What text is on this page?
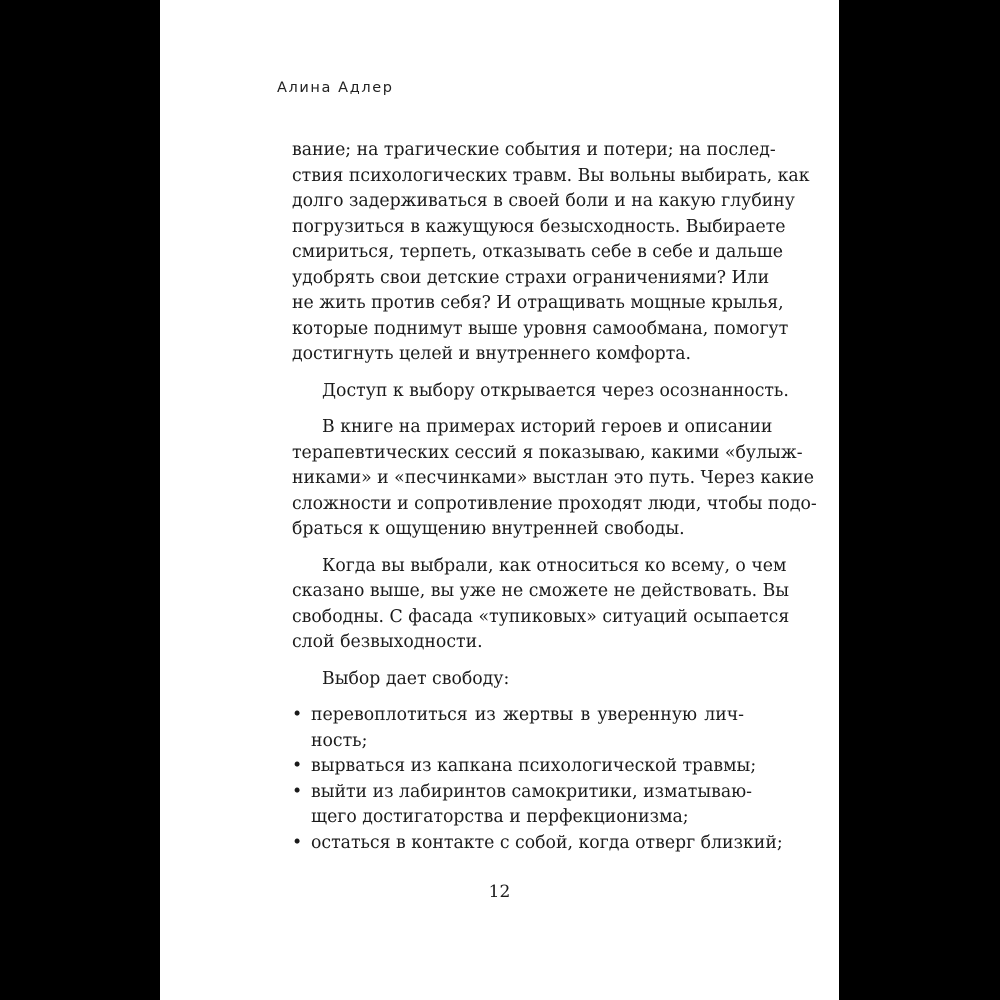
Алина Адлер

вание; на трагические события и потери; на послед-
ствия психологических травм. Вы вольны выбирать, как
долго задерживаться в своей боли и на какую глубину
погрузиться в кажущуюся безысходность. Выбираете
смириться, терпеть, отказывать себе в себе и дальше
удобрять свои детские страхи ограничениями? Или
не жить против себя? И отращивать мощные крылья,
которые поднимут выше уровня самообмана, помогут
достигнуть целей и внутреннего комфорта.
Доступ к выбору открывается через осознанность.
В книге на примерах историй героев и описании
терапевтических сессий я показываю, какими «булыж-
никами» и «песчинками» выстлан это путь. Через какие
сложности и сопротивление проходят люди, чтобы подо-
браться к ощущению внутренней свободы.
Когда вы выбрали, как относиться ко всему, о чем
сказано выше, вы уже не сможете не действовать. Вы
свободны. С фасада «тупиковых» ситуаций осыпается
слой безвыходности.
Выбор дает свободу:
• перевоплотиться из жертвы в уверенную лич-
ность;
• вырваться из капкана психологической травмы;
• выйти из лабиринтов самокритики, изматываю-
щего достигаторства и перфекционизма;
• остаться в контакте с собой, когда отверг близкий;

12
